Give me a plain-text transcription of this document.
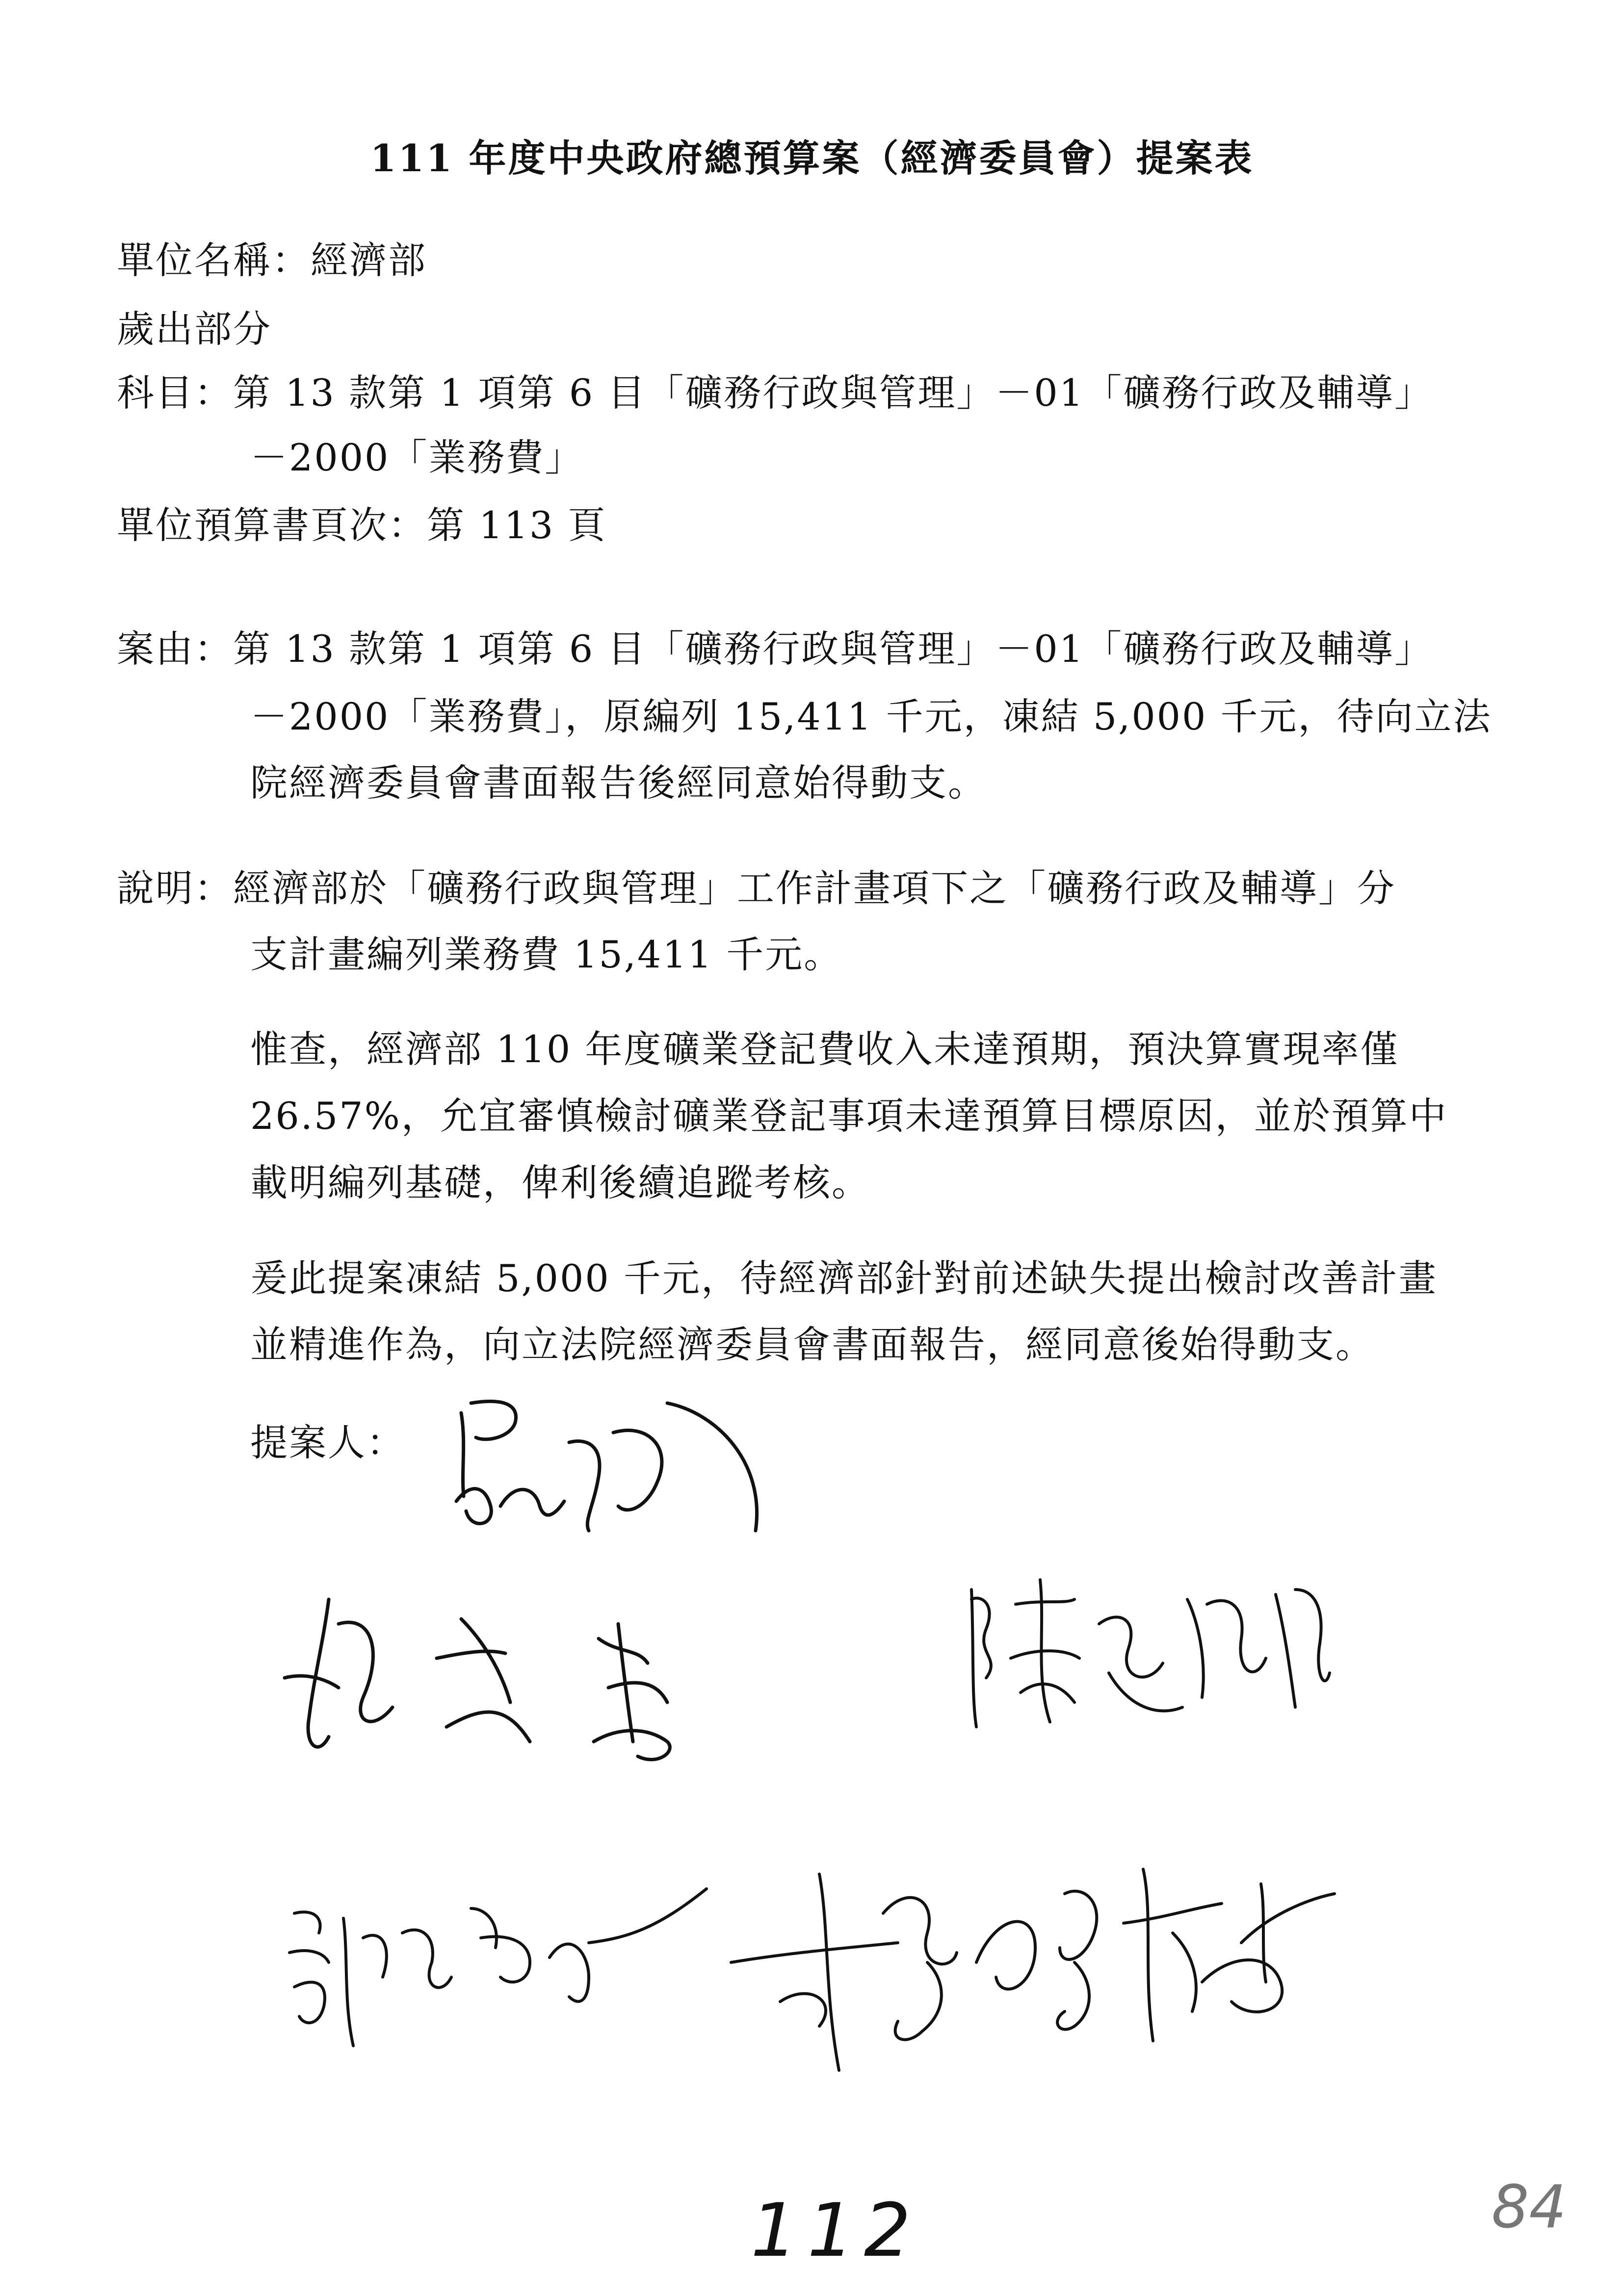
111 年度中央政府總預算案（經濟委員會）提案表
單位名稱：經濟部
歲出部分
科目：第 13 款第 1 項第 6 目「礦務行政與管理」－01「礦務行政及輔導」
－2000「業務費」
單位預算書頁次：第 113 頁
案由：第 13 款第 1 項第 6 目「礦務行政與管理」－01「礦務行政及輔導」
－2000「業務費」，原編列 15,411 千元，凍結 5,000 千元，待向立法
院經濟委員會書面報告後經同意始得動支。
說明：經濟部於「礦務行政與管理」工作計畫項下之「礦務行政及輔導」分
支計畫編列業務費 15,411 千元。
惟查，經濟部 110 年度礦業登記費收入未達預期，預決算實現率僅
26.57%，允宜審慎檢討礦業登記事項未達預算目標原因，並於預算中
載明編列基礎，俾利後續追蹤考核。
爰此提案凍結 5,000 千元，待經濟部針對前述缺失提出檢討改善計畫
並精進作為，向立法院經濟委員會書面報告，經同意後始得動支。
提案人：
112	84
